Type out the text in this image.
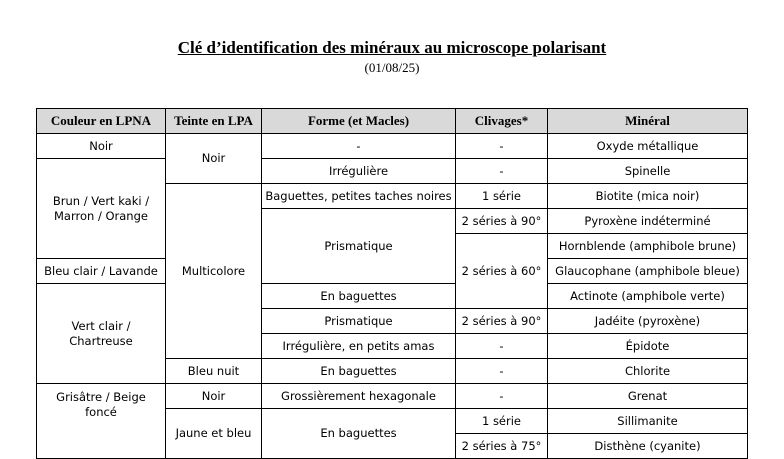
Clé d’identification des minéraux au microscope polarisant
(01/08/25)
Couleur en LPNA	Teinte en LPA	Forme (et Macles)	Clivages*	Minéral
Noir	Noir	-	-	Oxyde métallique
Brun / Vert kaki / Marron / Orange		Irrégulière	-	Spinelle
	Multicolore	Baguettes, petites taches noires	1 série	Biotite (mica noir)
		Prismatique	2 séries à 90°	Pyroxène indéterminé
			2 séries à 60°	Hornblende (amphibole brune)
Bleu clair / Lavande				Glaucophane (amphibole bleue)
Vert clair / Chartreuse		En baguettes		Actinote (amphibole verte)
		Prismatique	2 séries à 90°	Jadéite (pyroxène)
		Irrégulière, en petits amas	-	Épidote
	Bleu nuit	En baguettes	-	Chlorite
Grisâtre / Beige foncé	Noir	Grossièrement hexagonale	-	Grenat
	Jaune et bleu	En baguettes	1 série	Sillimanite
			2 séries à 75°	Disthène (cyanite)
